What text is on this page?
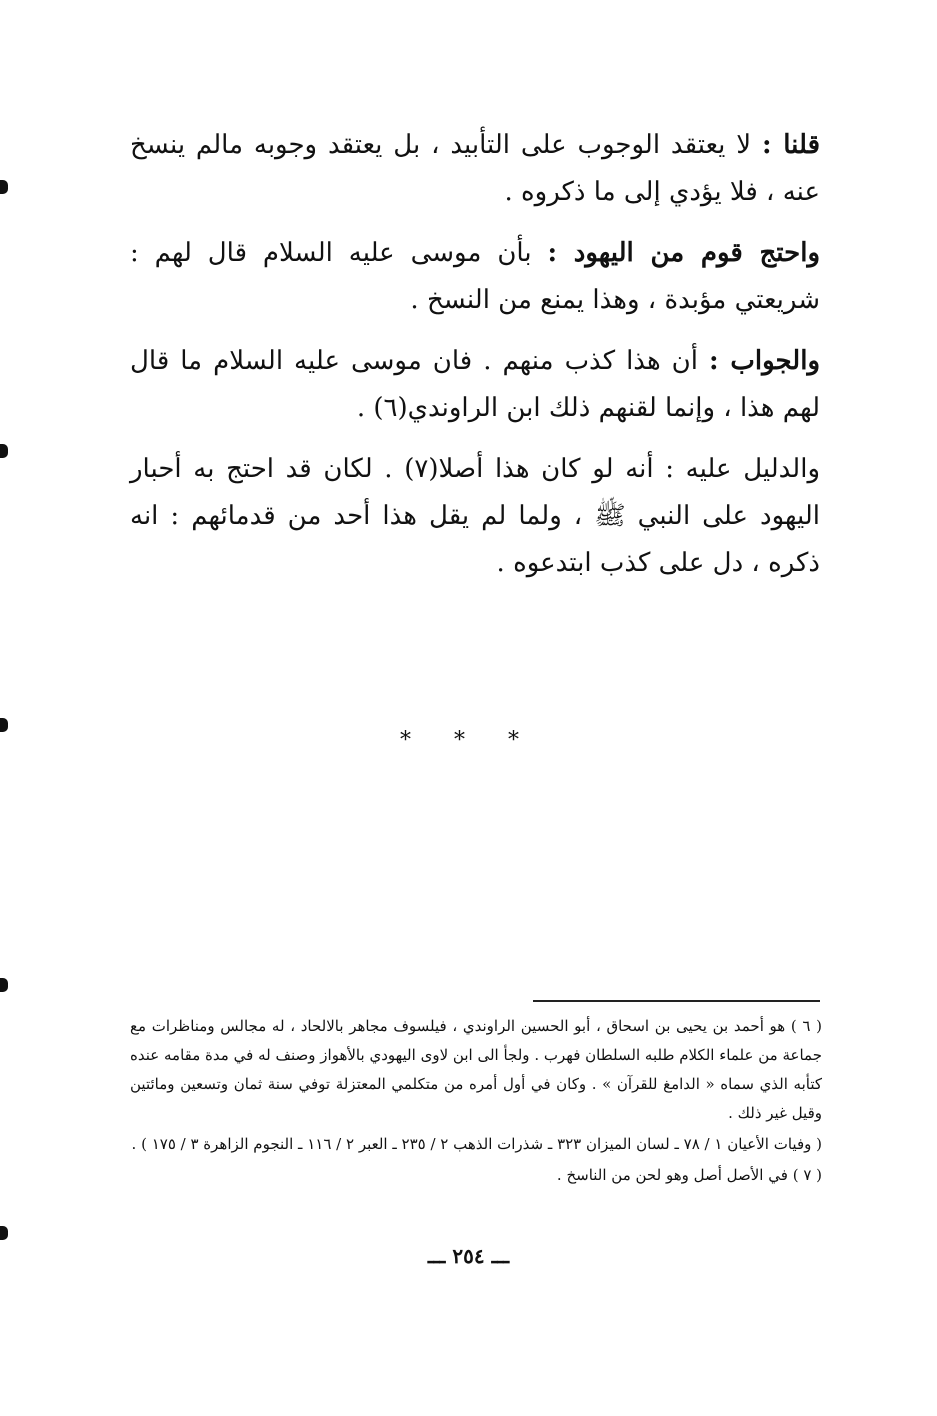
قلنا : لا يعتقد الوجوب على التأبيد ، بل يعتقد وجوبه مالم ينسخ عنه ، فلا يؤدي إلى ما ذكروه .

واحتج قوم من اليهود : بأن موسى عليه السلام قال لهم : شريعتي مؤبدة ، وهذا يمنع من النسخ .

والجواب : أن هذا كذب منهم . فان موسى عليه السلام ما قال لهم هذا ، وإنما لقنهم ذلك ابن الراوندي(٦) .

والدليل عليه : أنه لو كان هذا أصلا(٧) . لكان قد احتج به أحبار اليهود على النبي ﷺ ، ولما لم يقل هذا أحد من قدمائهم : انه ذكره ، دل على كذب ابتدعوه .

* * *

( ٦ ) هو أحمد بن يحيى بن اسحاق ، أبو الحسين الراوندي ، فيلسوف مجاهر بالالحاد ، له مجالس ومناظرات مع جماعة من علماء الكلام طلبه السلطان فهرب . ولجأ الى ابن لاوى اليهودي بالأهواز وصنف له في مدة مقامه عنده كتأبه الذي سماه « الدامغ للقرآن » . وكان في أول أمره من متكلمي المعتزلة توفي سنة ثمان وتسعين ومائتين وقيل غير ذلك .

( وفيات الأعيان ١ / ٧٨ ـ لسان الميزان ٣٢٣ ـ شذرات الذهب ٢ / ٢٣٥ ـ العبر ٢ / ١١٦ ـ النجوم الزاهرة ٣ / ١٧٥ ) .

( ٧ ) في الأصل أصل وهو لحن من الناسخ .

ـــ ٢٥٤ ـــ
